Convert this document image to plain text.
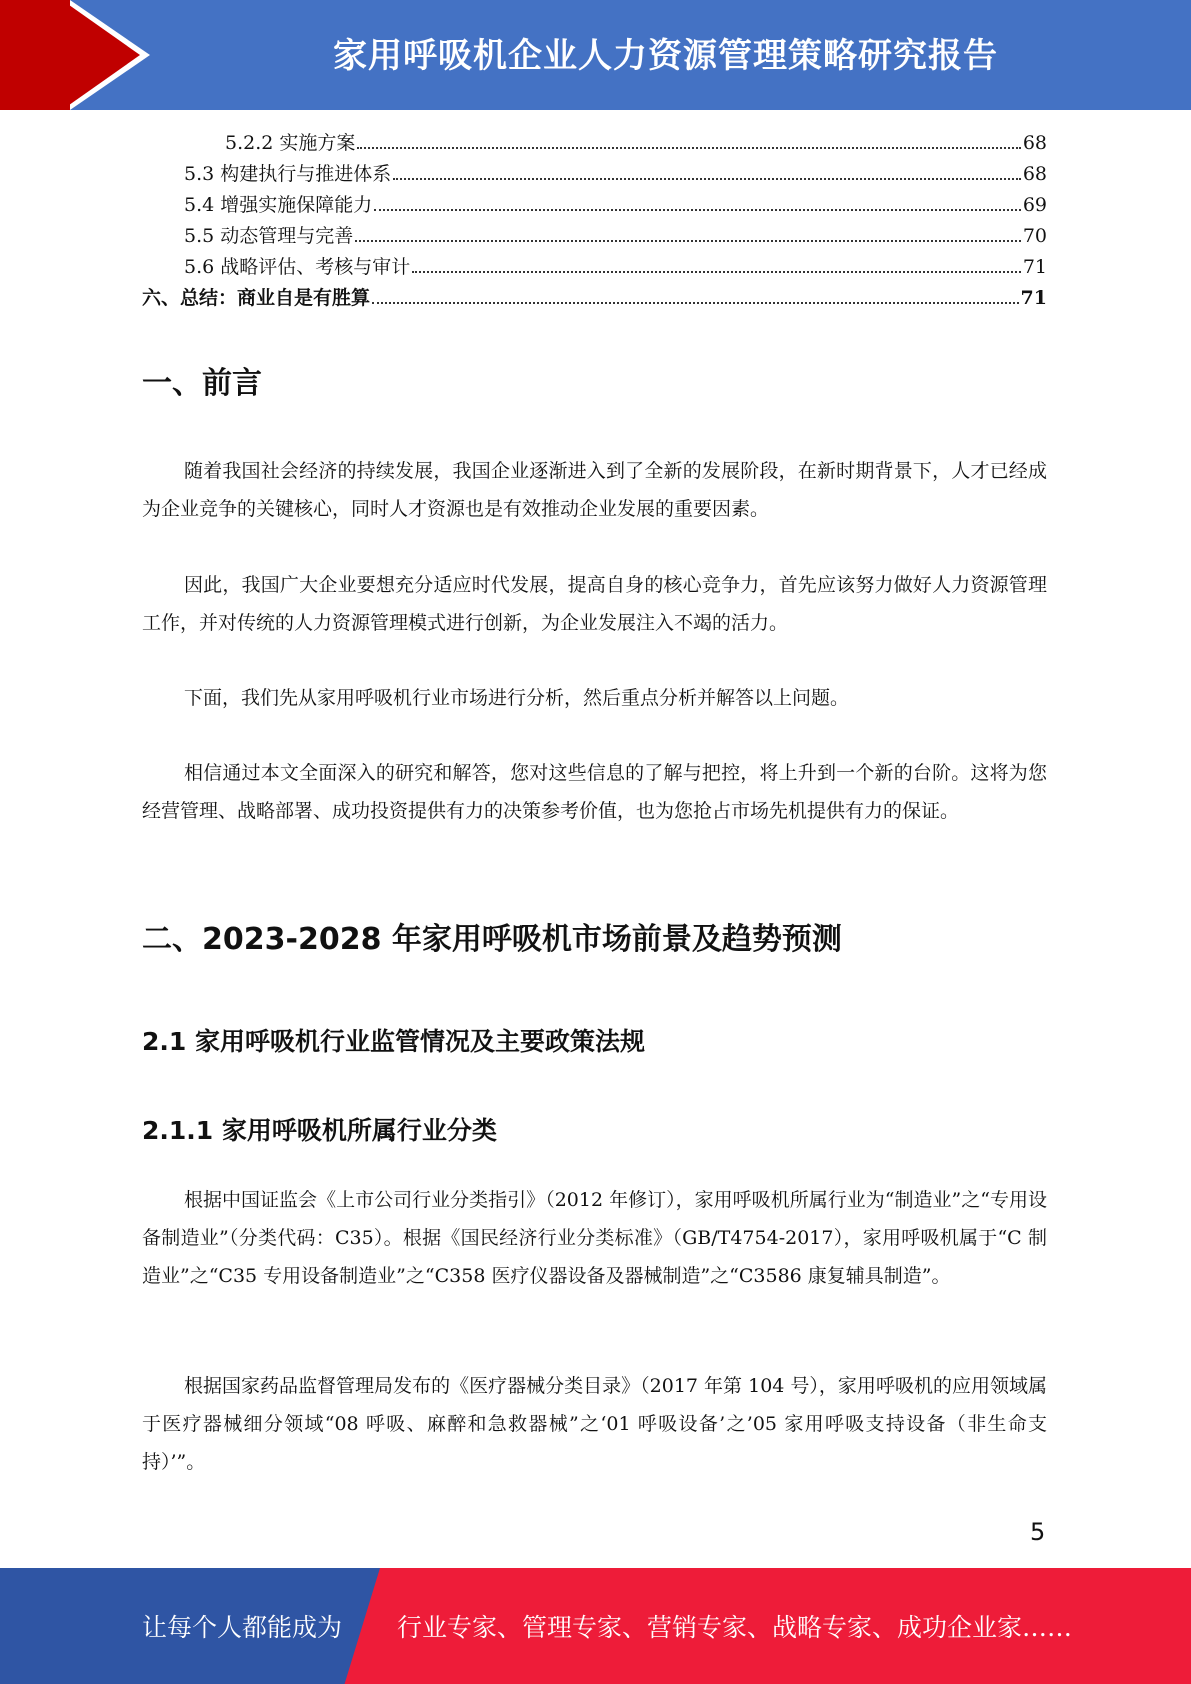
家用呼吸机企业人力资源管理策略研究报告
5.2.2 实施方案	68
5.3 构建执行与推进体系	68
5.4 增强实施保障能力	69
5.5 动态管理与完善	70
5.6 战略评估、考核与审计	71
六、总结：商业自是有胜算	71
一、前言
随着我国社会经济的持续发展，我国企业逐渐进入到了全新的发展阶段，在新时期背景下，人才已经成为企业竞争的关键核心，同时人才资源也是有效推动企业发展的重要因素。
因此，我国广大企业要想充分适应时代发展，提高自身的核心竞争力，首先应该努力做好人力资源管理工作，并对传统的人力资源管理模式进行创新，为企业发展注入不竭的活力。
下面，我们先从家用呼吸机行业市场进行分析，然后重点分析并解答以上问题。
相信通过本文全面深入的研究和解答，您对这些信息的了解与把控，将上升到一个新的台阶。这将为您经营管理、战略部署、成功投资提供有力的决策参考价值，也为您抢占市场先机提供有力的保证。
二、2023-2028 年家用呼吸机市场前景及趋势预测
2.1 家用呼吸机行业监管情况及主要政策法规
2.1.1 家用呼吸机所属行业分类
根据中国证监会《上市公司行业分类指引》（2012 年修订），家用呼吸机所属行业为“制造业”之“专用设备制造业”（分类代码：C35）。根据《国民经济行业分类标准》（GB/T4754-2017），家用呼吸机属于“C 制造业”之“C35 专用设备制造业”之“C358 医疗仪器设备及器械制造”之“C3586 康复辅具制造”。
根据国家药品监督管理局发布的《医疗器械分类目录》（2017 年第 104 号），家用呼吸机的应用领域属于医疗器械细分领域“08 呼吸、麻醉和急救器械”之‘01 呼吸设备’之’05 家用呼吸支持设备（非生命支持）’”。
5
让每个人都能成为 行业专家、管理专家、营销专家、战略专家、成功企业家……
